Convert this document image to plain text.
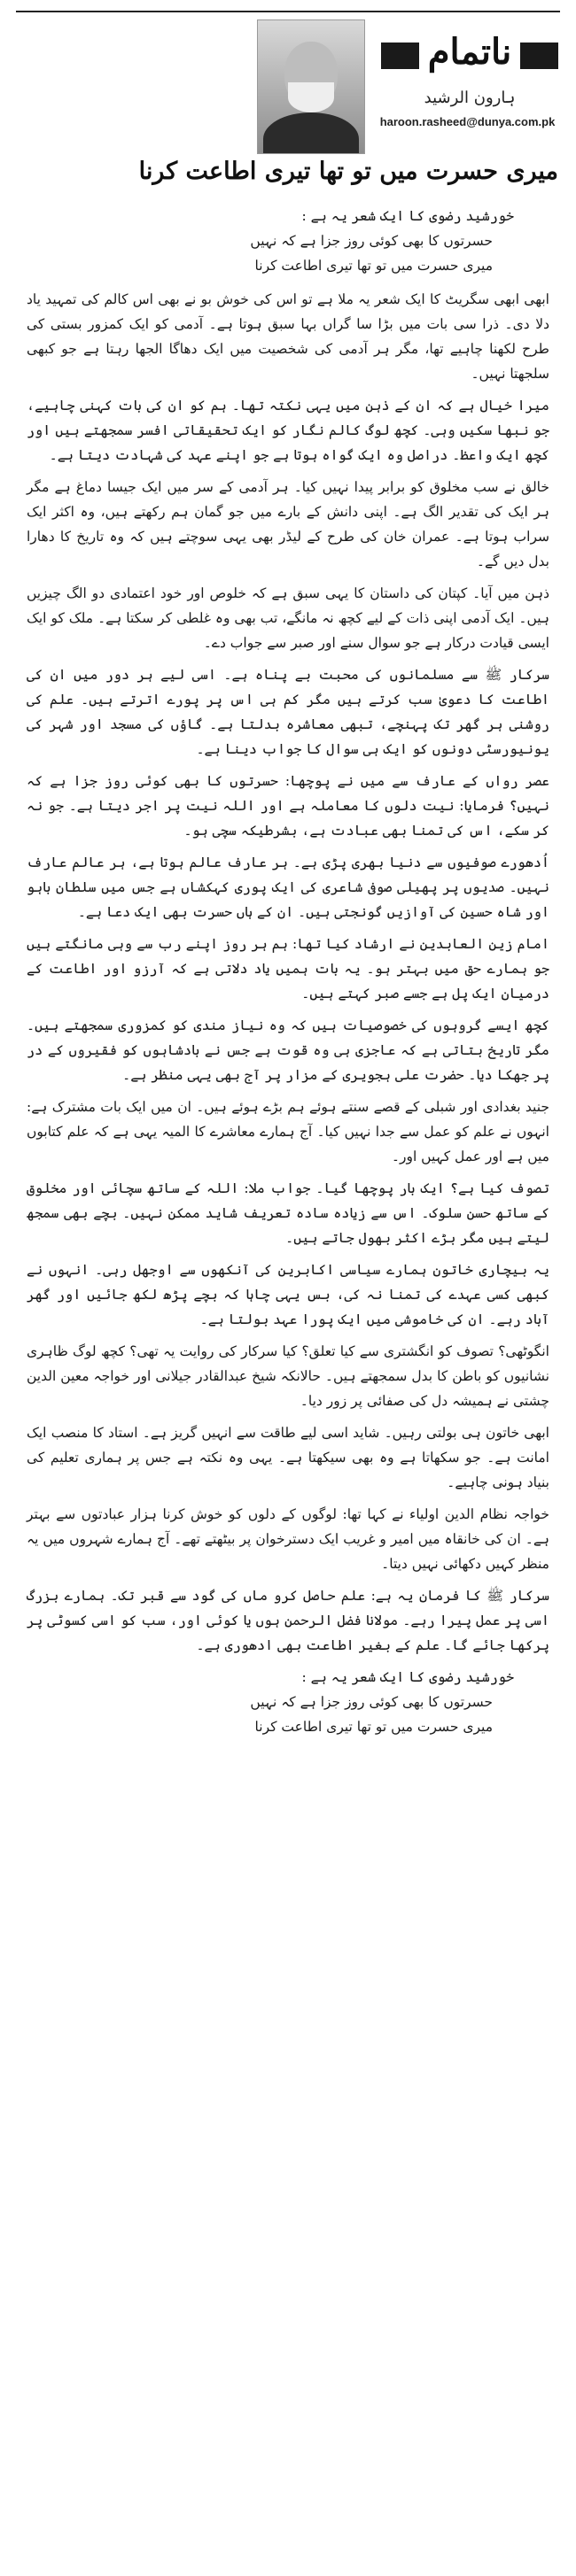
ناتمام
ہارون الرشید
haroon.rasheed@dunya.com.pk
میری حسرت میں تو تھا تیری اطاعت کرنا
خورشید رضوی کا ایک شعر یہ ہے :
حسرتوں کا بھی کوئی روز جزا ہے کہ نہیں
میری حسرت میں تو تھا تیری اطاعت کرنا

ابھی ابھی سگریٹ کا ایک شعر یہ ملا ہے تو اس کی خوش بو نے بھی اس کالم کی تمہید یاد دلا دی۔ ذرا سی بات میں بڑا سا گراں بہا سبق ہوتا ہے۔ آدمی کو ایک کمزور بستی کی طرح لکھنا چاہیے تھا، مگر ہر آدمی کی شخصیت میں ایک دھاگا الجھا رہتا ہے جو کبھی سلجھتا نہیں۔

میرا خیال ہے کہ ان کے ذہن میں یہی نکتہ تھا۔ ہم کو ان کی بات کہنی چاہیے، جو نبھا سکیں وہی۔ کچھ لوگ کالم نگار کو ایک تحقیقاتی افسر سمجھتے ہیں اور کچھ ایک واعظ۔ دراصل وہ ایک گواہ ہوتا ہے جو اپنے عہد کی شہادت دیتا ہے۔

خالق نے سب مخلوق کو برابر پیدا نہیں کیا۔ ہر آدمی کے سر میں ایک جیسا دماغ ہے مگر ہر ایک کی تقدیر الگ ہے۔ اپنی دانش کے بارے میں جو گمان ہم رکھتے ہیں، وہ اکثر ایک سراب ہوتا ہے۔ عمران خان کی طرح کے لیڈر بھی یہی سوچتے ہیں کہ وہ تاریخ کا دھارا بدل دیں گے۔

ذہن میں آیا۔ کپتان کی داستان کا یہی سبق ہے کہ خلوص اور خود اعتمادی دو الگ چیزیں ہیں۔ ایک آدمی اپنی ذات کے لیے کچھ نہ مانگے، تب بھی وہ غلطی کر سکتا ہے۔ ملک کو ایک ایسی قیادت درکار ہے جو سوال سنے اور صبر سے جواب دے۔

سرکار ﷺ سے مسلمانوں کی محبت بے پناہ ہے۔ اسی لیے ہر دور میں ان کی اطاعت کا دعویٰ سب کرتے ہیں مگر کم ہی اس پر پورے اترتے ہیں۔ علم کی روشنی ہر گھر تک پہنچے، تبھی معاشرہ بدلتا ہے۔ گاؤں کی مسجد اور شہر کی یونیورسٹی دونوں کو ایک ہی سوال کا جواب دینا ہے۔

عصر رواں کے عارف سے میں نے پوچھا: حسرتوں کا بھی کوئی روز جزا ہے کہ نہیں؟ فرمایا: نیت دلوں کا معاملہ ہے اور اللہ نیت پر اجر دیتا ہے۔ جو نہ کر سکے، اس کی تمنا بھی عبادت ہے، بشرطیکہ سچی ہو۔

اُدھورے صوفیوں سے دنیا بھری پڑی ہے۔ ہر عارف عالم ہوتا ہے، ہر عالم عارف نہیں۔ صدیوں پر پھیلی صوفی شاعری کی ایک پوری کہکشاں ہے جس میں سلطان باہو اور شاہ حسین کی آوازیں گونجتی ہیں۔ ان کے ہاں حسرت بھی ایک دعا ہے۔

امام زین العابدین نے ارشاد کیا تھا: ہم ہر روز اپنے رب سے وہی مانگتے ہیں جو ہمارے حق میں بہتر ہو۔ یہ بات ہمیں یاد دلاتی ہے کہ آرزو اور اطاعت کے درمیان ایک پل ہے جسے صبر کہتے ہیں۔

کچھ ایسے گروہوں کی خصوصیات ہیں کہ وہ نیاز مندی کو کمزوری سمجھتے ہیں۔ مگر تاریخ بتاتی ہے کہ عاجزی ہی وہ قوت ہے جس نے بادشاہوں کو فقیروں کے در پر جھکا دیا۔ حضرت علی ہجویری کے مزار پر آج بھی یہی منظر ہے۔

جنید بغدادی اور شبلی کے قصے سنتے ہوئے ہم بڑے ہوئے ہیں۔ ان میں ایک بات مشترک ہے: انہوں نے علم کو عمل سے جدا نہیں کیا۔ آج ہمارے معاشرے کا المیہ یہی ہے کہ علم کتابوں میں ہے اور عمل کہیں اور۔

تصوف کیا ہے؟ ایک بار پوچھا گیا۔ جواب ملا: اللہ کے ساتھ سچائی اور مخلوق کے ساتھ حسن سلوک۔ اس سے زیادہ سادہ تعریف شاید ممکن نہیں۔ بچے بھی سمجھ لیتے ہیں مگر بڑے اکثر بھول جاتے ہیں۔

یہ بیچاری خاتون ہمارے سیاسی اکابرین کی آنکھوں سے اوجھل رہی۔ انہوں نے کبھی کسی عہدے کی تمنا نہ کی، بس یہی چاہا کہ بچے پڑھ لکھ جائیں اور گھر آباد رہے۔ ان کی خاموشی میں ایک پورا عہد بولتا ہے۔

انگوٹھی؟ تصوف کو انگشتری سے کیا تعلق؟ کیا سرکار کی روایت یہ تھی؟ کچھ لوگ ظاہری نشانیوں کو باطن کا بدل سمجھتے ہیں۔ حالانکہ شیخ عبدالقادر جیلانی اور خواجہ معین الدین چشتی نے ہمیشہ دل کی صفائی پر زور دیا۔

ابھی خاتون ہی بولتی رہیں۔ شاید اسی لیے طاقت سے انہیں گریز ہے۔ استاد کا منصب ایک امانت ہے۔ جو سکھاتا ہے وہ بھی سیکھتا ہے۔ یہی وہ نکتہ ہے جس پر ہماری تعلیم کی بنیاد ہونی چاہیے۔

خواجہ نظام الدین اولیاء نے کہا تھا: لوگوں کے دلوں کو خوش کرنا ہزار عبادتوں سے بہتر ہے۔ ان کی خانقاہ میں امیر و غریب ایک دسترخوان پر بیٹھتے تھے۔ آج ہمارے شہروں میں یہ منظر کہیں دکھائی نہیں دیتا۔

سرکار ﷺ کا فرمان یہ ہے: علم حاصل کرو ماں کی گود سے قبر تک۔ ہمارے بزرگ اسی پر عمل پیرا رہے۔ مولانا فضل الرحمن ہوں یا کوئی اور، سب کو اسی کسوٹی پر پرکھا جائے گا۔ علم کے بغیر اطاعت بھی ادھوری ہے۔

خورشید رضوی کا ایک شعر یہ ہے :
حسرتوں کا بھی کوئی روز جزا ہے کہ نہیں
میری حسرت میں تو تھا تیری اطاعت کرنا
